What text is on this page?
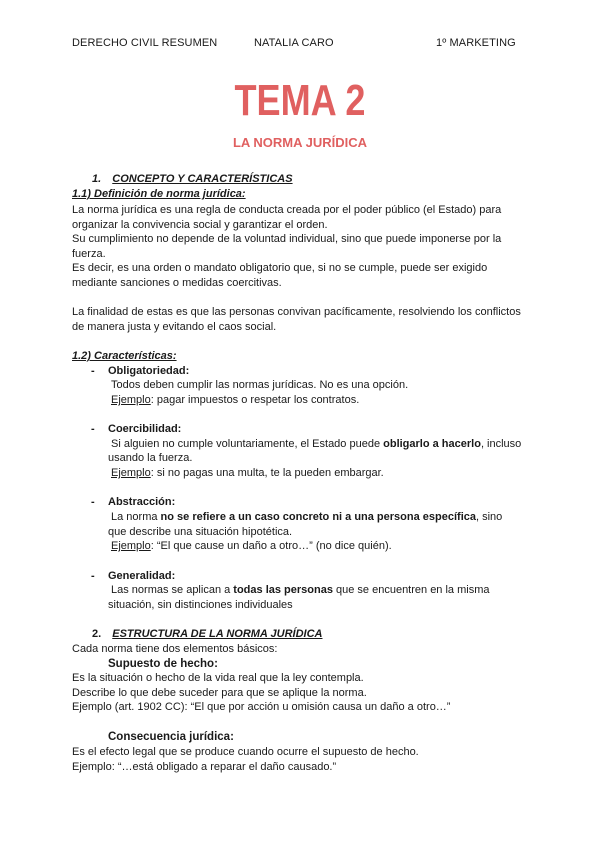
DERECHO CIVIL RESUMEN	NATALIA CARO	1º MARKETING
TEMA 2
LA NORMA JURÍDICA
1. CONCEPTO Y CARACTERÍSTICAS
1.1) Definición de norma jurídica:
La norma jurídica es una regla de conducta creada por el poder público (el Estado) para
organizar la convivencia social y garantizar el orden.
Su cumplimiento no depende de la voluntad individual, sino que puede imponerse por la
fuerza.
Es decir, es una orden o mandato obligatorio que, si no se cumple, puede ser exigido
mediante sanciones o medidas coercitivas.
La finalidad de estas es que las personas convivan pacíficamente, resolviendo los conflictos
de manera justa y evitando el caos social.
1.2) Características:
- Obligatoriedad:
Todos deben cumplir las normas jurídicas. No es una opción.
Ejemplo: pagar impuestos o respetar los contratos.
- Coercibilidad:
Si alguien no cumple voluntariamente, el Estado puede obligarlo a hacerlo, incluso
usando la fuerza.
Ejemplo: si no pagas una multa, te la pueden embargar.
- Abstracción:
La norma no se refiere a un caso concreto ni a una persona específica, sino
que describe una situación hipotética.
Ejemplo: “El que cause un daño a otro…” (no dice quién).
- Generalidad:
Las normas se aplican a todas las personas que se encuentren en la misma
situación, sin distinciones individuales
2. ESTRUCTURA DE LA NORMA JURÍDICA
Cada norma tiene dos elementos básicos:
Supuesto de hecho:
Es la situación o hecho de la vida real que la ley contempla.
Describe lo que debe suceder para que se aplique la norma.
Ejemplo (art. 1902 CC): “El que por acción u omisión causa un daño a otro…”
Consecuencia jurídica:
Es el efecto legal que se produce cuando ocurre el supuesto de hecho.
Ejemplo: “…está obligado a reparar el daño causado.”
